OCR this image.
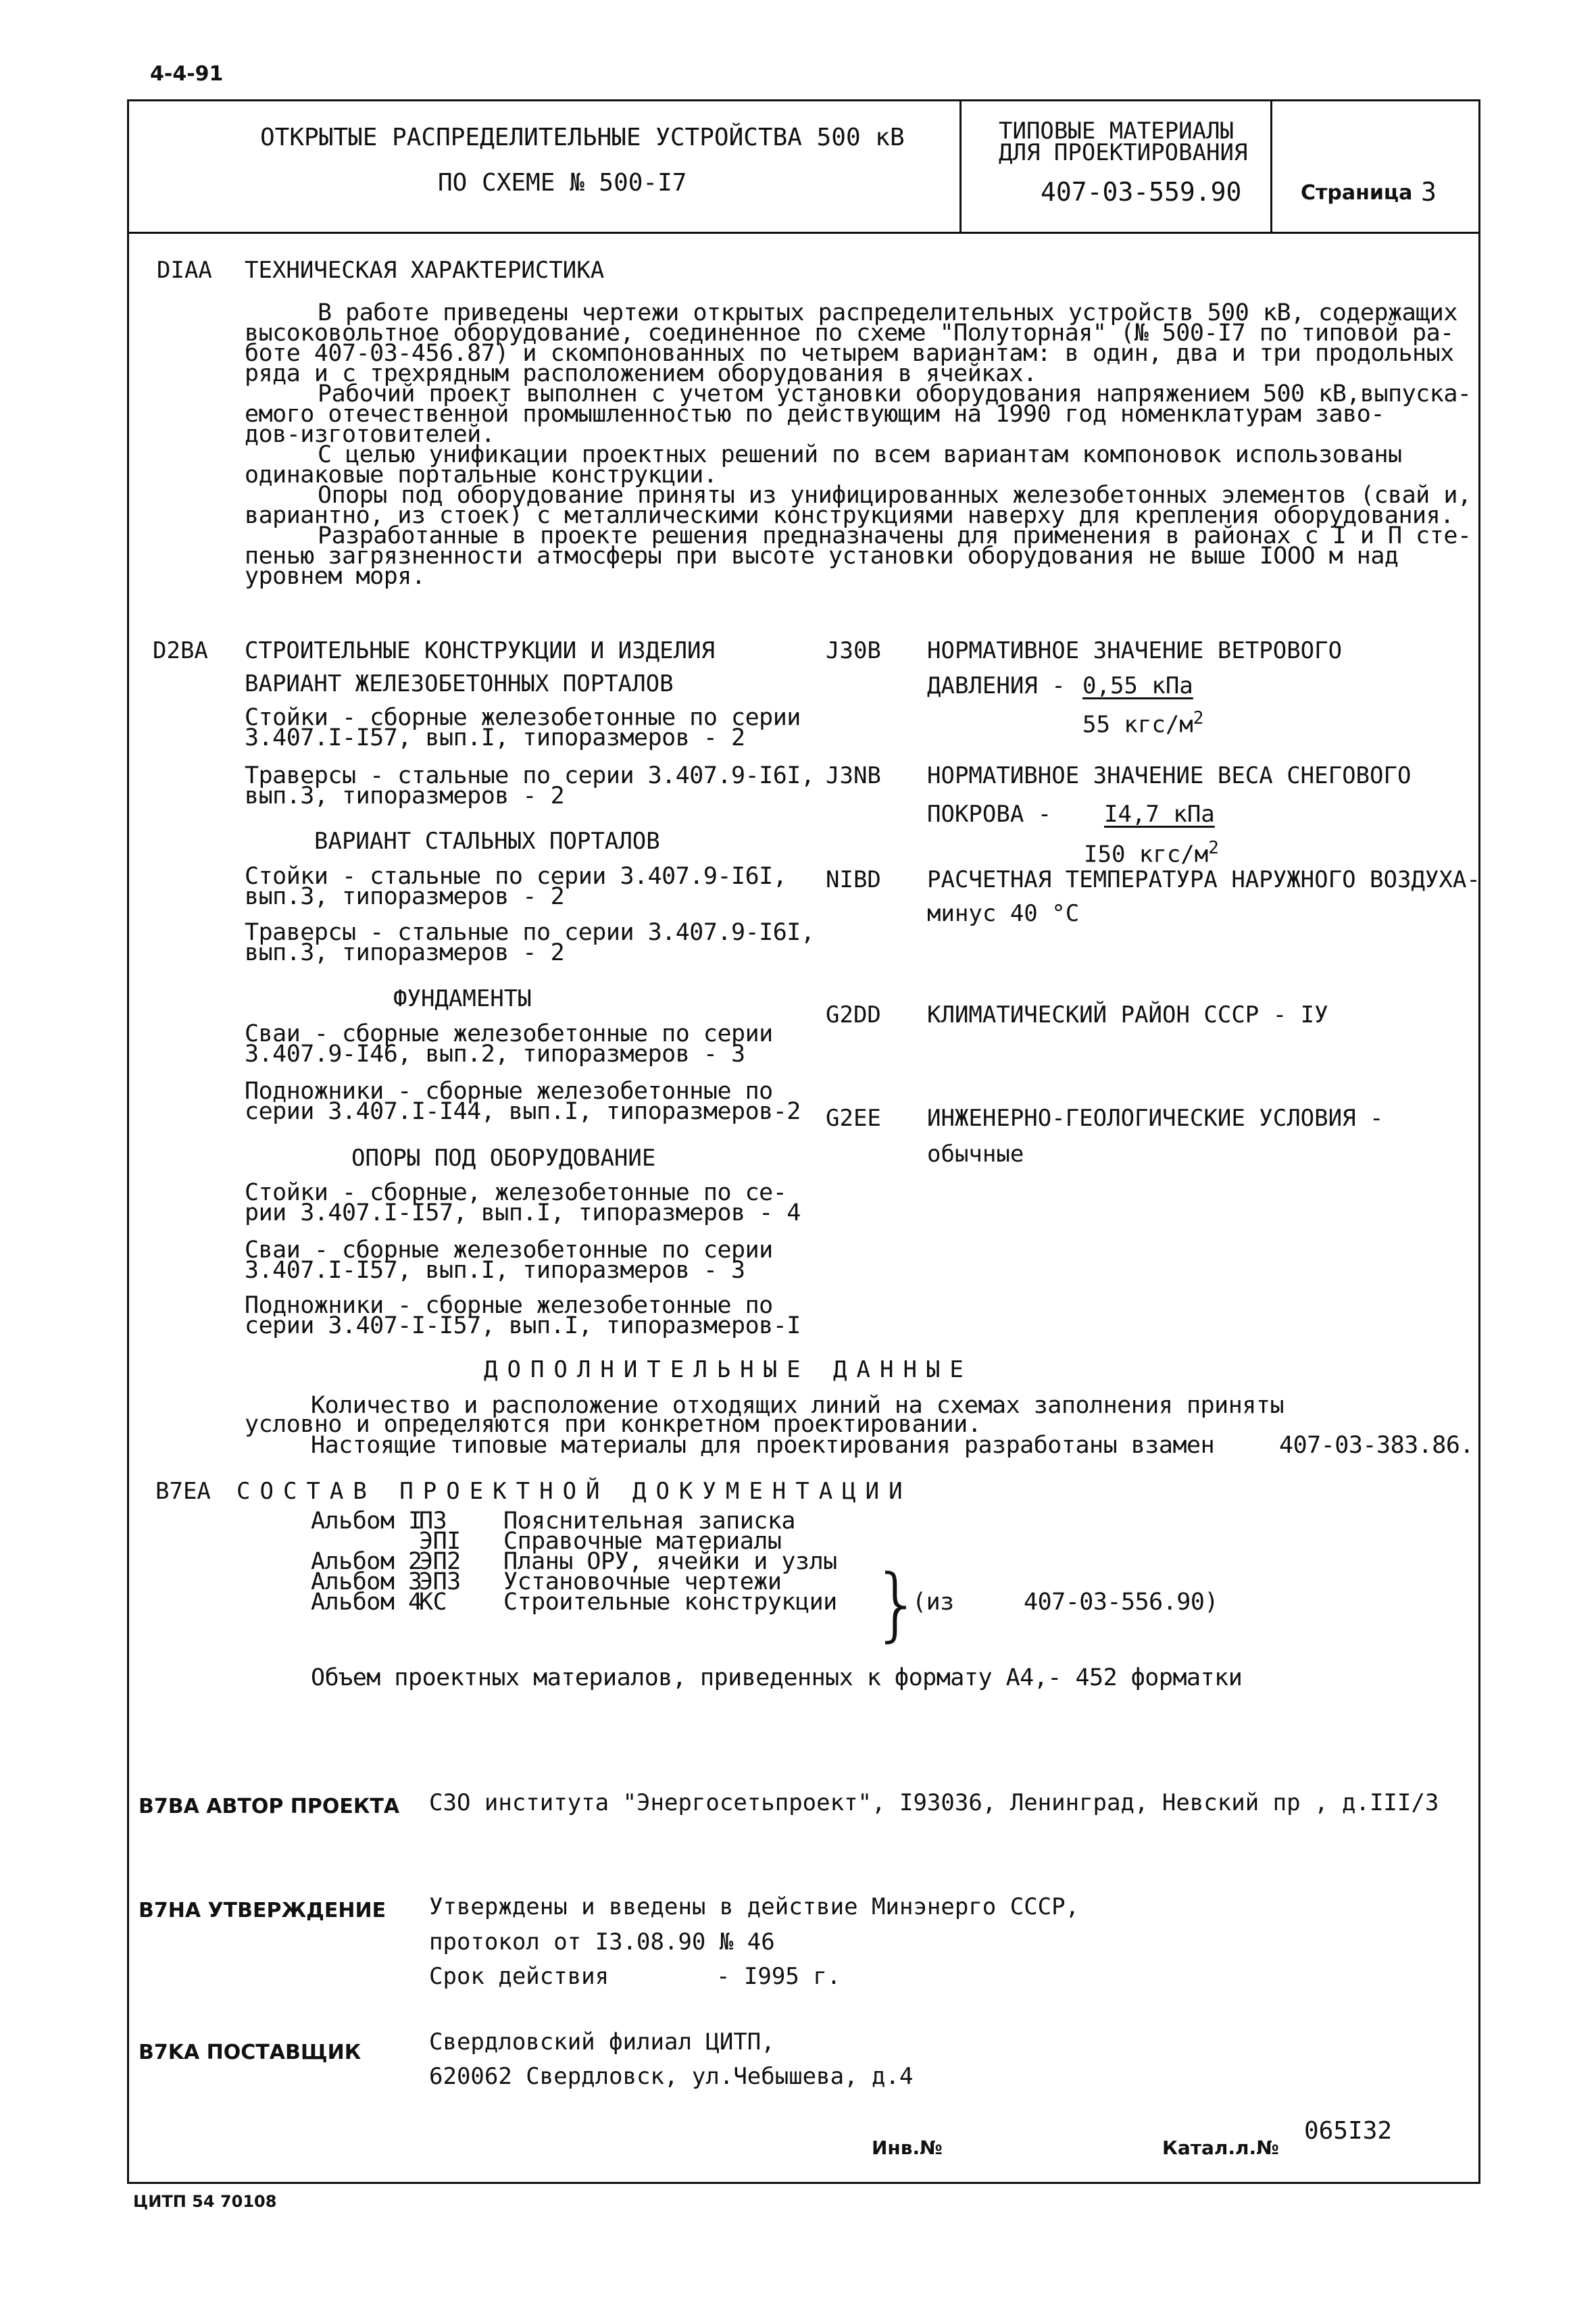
4-4-91
ОТКРЫТЫЕ РАСПРЕДЕЛИТЕЛЬНЫЕ УСТРОЙСТВА 500 кВ
ПО СХЕМЕ № 500-I7
ТИПОВЫЕ МАТЕРИАЛЫ
ДЛЯ ПРОЕКТИРОВАНИЯ
407-03-559.90	Страница 3
DIAA ТЕХНИЧЕСКАЯ ХАРАКТЕРИСТИКА
В работе приведены чертежи открытых распределительных устройств 500 кВ, содержащих
высоковольтное оборудование, соединенное по схеме "Полуторная" (№ 500-I7 по типовой ра-
боте 407-03-456.87) и скомпонованных по четырем вариантам: в один, два и три продольных
ряда и с трехрядным расположением оборудования в ячейках.
Рабочий проект выполнен с учетом установки оборудования напряжением 500 кВ,выпуска-
емого отечественной промышленностью по действующим на 1990 год номенклатурам заво-
дов-изготовителей.
С целью унификации проектных решений по всем вариантам компоновок использованы
одинаковые портальные конструкции.
Опоры под оборудование приняты из унифицированных железобетонных элементов (свай и,
вариантно, из стоек) с металлическими конструкциями наверху для крепления оборудования.
Разработанные в проекте решения предназначены для применения в районах с I и П сте-
пенью загрязненности атмосферы при высоте установки оборудования не выше IOOO м над
уровнем моря.
D2BA СТРОИТЕЛЬНЫЕ КОНСТРУКЦИИ И ИЗДЕЛИЯ
ВАРИАНТ ЖЕЛЕЗОБЕТОННЫХ ПОРТАЛОВ
Стойки - сборные железобетонные по серии
3.407.I-I57, вып.I, типоразмеров - 2
Траверсы - стальные по серии 3.407.9-I6I,
вып.3, типоразмеров - 2
ВАРИАНТ СТАЛЬНЫХ ПОРТАЛОВ
Стойки - стальные по серии 3.407.9-I6I,
вып.3, типоразмеров - 2
Траверсы - стальные по серии 3.407.9-I6I,
вып.3, типоразмеров - 2
ФУНДАМЕНТЫ
Сваи - сборные железобетонные по серии
3.407.9-I46, вып.2, типоразмеров - 3
Подножники - сборные железобетонные по
серии 3.407.I-I44, вып.I, типоразмеров-2
ОПОРЫ ПОД ОБОРУДОВАНИЕ
Стойки - сборные, железобетонные по се-
рии 3.407.I-I57, вып.I, типоразмеров - 4
Сваи - сборные железобетонные по серии
3.407.I-I57, вып.I, типоразмеров - 3
Подножники - сборные железобетонные по
серии 3.407-I-I57, вып.I, типоразмеров-I
J30B НОРМАТИВНОЕ ЗНАЧЕНИЕ ВЕТРОВОГО
ДАВЛЕНИЯ - 0,55 кПа
55 кгс/$м^2$
J3NB НОРМАТИВНОЕ ЗНАЧЕНИЕ ВЕСА СНЕГОВОГО
ПОКРОВА - I4,7 кПа
I50 кгс/$м^2$
NIBD РАСЧЕТНАЯ ТЕМПЕРАТУРА НАРУЖНОГО ВОЗДУХА-
минус 40 °С
G2DD КЛИМАТИЧЕСКИЙ РАЙОН СССР - IУ
G2EE ИНЖЕНЕРНО-ГЕОЛОГИЧЕСКИЕ УСЛОВИЯ -
обычные
ДОПОЛНИТЕЛЬНЫЕ ДАННЫЕ
Количество и расположение отходящих линий на схемах заполнения приняты
условно и определяются при конкретном проектировании.
Настоящие типовые материалы для проектирования разработаны взамен	407-03-383.86.
B7EA СОСТАВ ПРОЕКТНОЙ ДОКУМЕНТАЦИИ
Альбом IПЗ Пояснительная записка
ЭПI Справочные материалы
Альбом 2ЭП2 Планы ОРУ, ячейки и узлы
Альбом 3ЭП3 Установочные чертежи
Альбом 4КС Строительные конструкции }
(из	407-03-556.90)
Объем проектных материалов, приведенных к формату А4,- 452 форматки
B7BA АВТОР ПРОЕКТА СЗО института "Энергосетьпроект", I93036, Ленинград, Невский пр , д.III/3
B7HA УТВЕРЖДЕНИЕ Утверждены и введены в действие Минэнерго СССР,
протокол от I3.08.90 № 46
Срок действия	- I995 г.
B7KA ПОСТАВЩИК	Свердловский филиал ЦИТП,
620062 Свердловск, ул.Чебышева, д.4
Инв.№	Катал.л.№
065I32
ЦИТП 54 70108
